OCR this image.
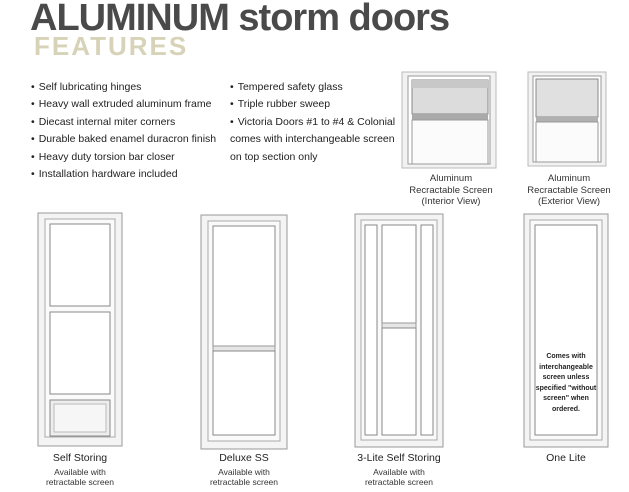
ALUMINUM storm doors
FEATURES
• Self lubricating hinges
• Heavy wall extruded aluminum frame
• Diecast internal miter corners
• Durable baked enamel duracron finish
• Heavy duty torsion bar closer
• Installation hardware included
• Tempered safety glass
• Triple rubber sweep
• Victoria Doors #1 to #4 & Colonial
comes with interchangeable screen
on top section only
Aluminum
Recractable Screen
(Interior View)
Aluminum
Recractable Screen
(Exterior View)
Self Storing
Available with
retractable screen
Deluxe SS
Available with
retractable screen
3-Lite Self Storing
Available with
retractable screen
Comes with
interchangeable
screen unless
specified "without
screen" when
ordered.
One Lite
